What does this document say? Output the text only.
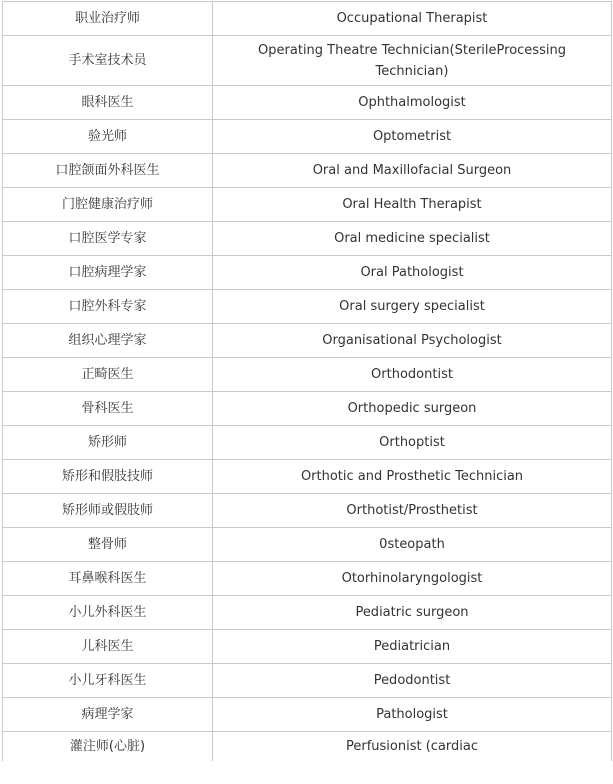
职业治疗师	Occupational Therapist
手术室技术员	Operating Theatre Technician(SterileProcessing Technician)
眼科医生	Ophthalmologist
验光师	Optometrist
口腔颌面外科医生	Oral and Maxillofacial Surgeon
门腔健康治疗师	Oral Health Therapist
口腔医学专家	Oral medicine specialist
口腔病理学家	Oral Pathologist
口腔外科专家	Oral surgery specialist
组织心理学家	Organisational Psychologist
正畸医生	Orthodontist
骨科医生	Orthopedic surgeon
矫形师	Orthoptist
矫形和假肢技师	Orthotic and Prosthetic Technician
矫形师或假肢师	Orthotist/Prosthetist
整骨师	0steopath
耳鼻喉科医生	Otorhinolaryngologist
小儿外科医生	Pediatric surgeon
儿科医生	Pediatrician
小儿牙科医生	Pedodontist
病理学家	Pathologist
灌注师(心脏)	Perfusionist (cardiac
